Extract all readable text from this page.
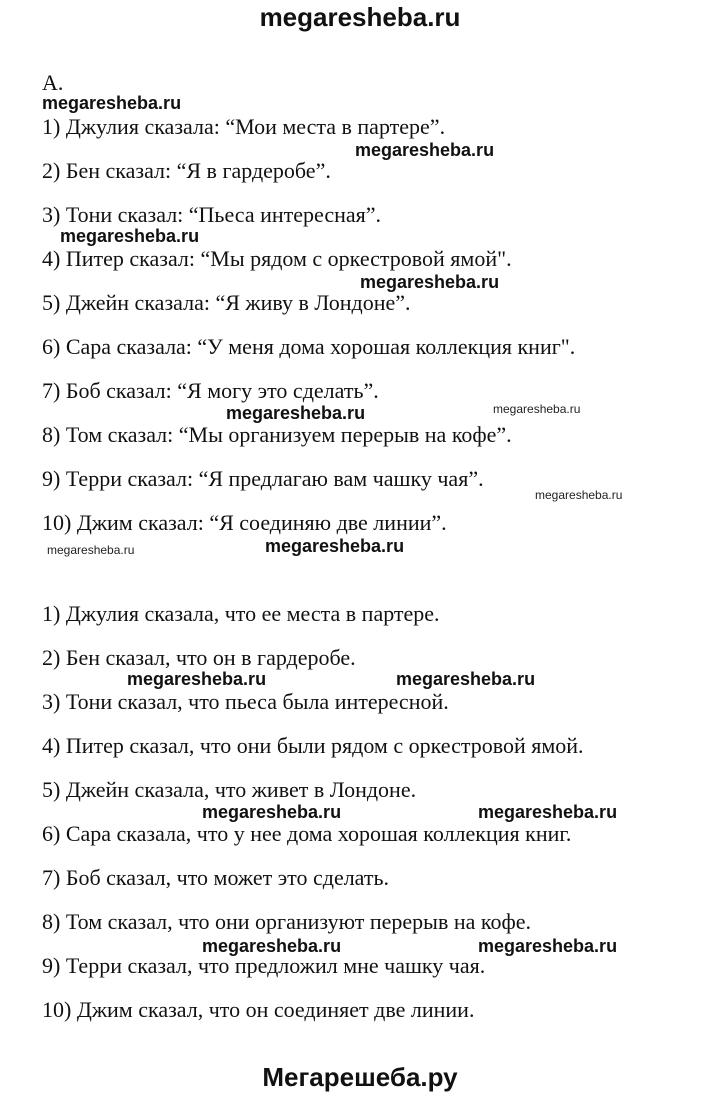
megaresheba.ru
A.
1) Джулия сказала: “Мои места в партере”.
2) Бен сказал: “Я в гардеробе”.
3) Тони сказал: “Пьеса интересная”.
4) Питер сказал: “Мы рядом с оркестровой ямой".
5) Джейн сказала: “Я живу в Лондоне”.
6) Сара сказала: “У меня дома хорошая коллекция книг".
7) Боб сказал: “Я могу это сделать”.
8) Том сказал: “Мы организуем перерыв на кофе”.
9) Терри сказал: “Я предлагаю вам чашку чая”.
10) Джим сказал: “Я соединяю две линии”.
1) Джулия сказала, что ее места в партере.
2) Бен сказал, что он в гардеробе.
3) Тони сказал, что пьеса была интересной.
4) Питер сказал, что они были рядом с оркестровой ямой.
5) Джейн сказала, что живет в Лондоне.
6) Сара сказала, что у нее дома хорошая коллекция книг.
7) Боб сказал, что может это сделать.
8) Том сказал, что они организуют перерыв на кофе.
9) Терри сказал, что предложил мне чашку чая.
10) Джим сказал, что он соединяет две линии.
megaresheba.ru
megaresheba.ru
megaresheba.ru
megaresheba.ru
megaresheba.ru	megaresheba.ru
megaresheba.ru
megaresheba.ru	megaresheba.ru
megaresheba.ru	megaresheba.ru
megaresheba.ru	megaresheba.ru
megaresheba.ru	megaresheba.ru
Мегарешеба.ру
